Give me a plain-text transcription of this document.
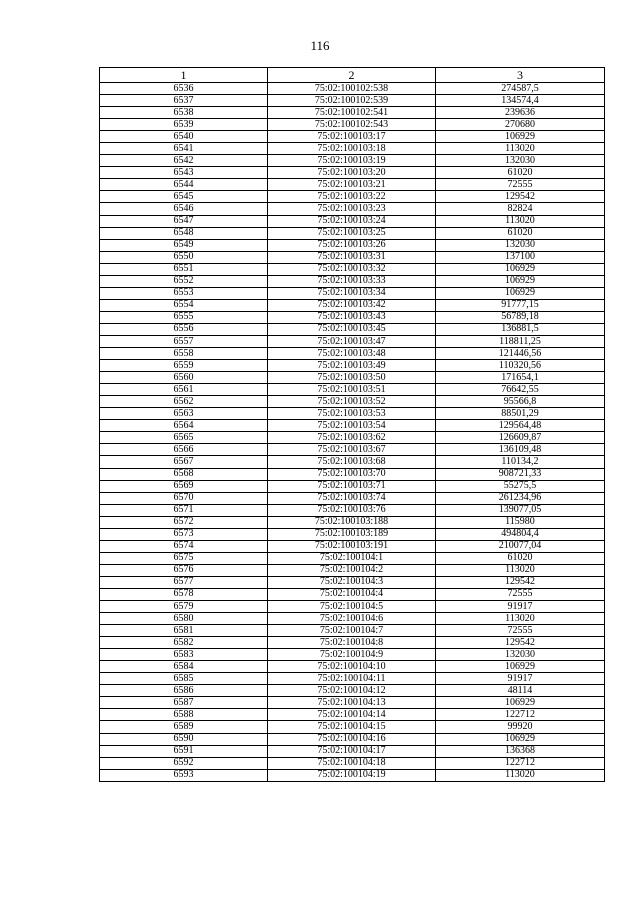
116
1	2	3
6536	75:02:100102:538	274587,5
6537	75:02:100102:539	134574,4
6538	75:02:100102:541	239636
6539	75:02:100102:543	270680
6540	75:02:100103:17	106929
6541	75:02:100103:18	113020
6542	75:02:100103:19	132030
6543	75:02:100103:20	61020
6544	75:02:100103:21	72555
6545	75:02:100103:22	129542
6546	75:02:100103:23	82824
6547	75:02:100103:24	113020
6548	75:02:100103:25	61020
6549	75:02:100103:26	132030
6550	75:02:100103:31	137100
6551	75:02:100103:32	106929
6552	75:02:100103:33	106929
6553	75:02:100103:34	106929
6554	75:02:100103:42	91777,15
6555	75:02:100103:43	56789,18
6556	75:02:100103:45	136881,5
6557	75:02:100103:47	118811,25
6558	75:02:100103:48	121446,56
6559	75:02:100103:49	110320,56
6560	75:02:100103:50	171654,1
6561	75:02:100103:51	76642,55
6562	75:02:100103:52	95566,8
6563	75:02:100103:53	88501,29
6564	75:02:100103:54	129564,48
6565	75:02:100103:62	126609,87
6566	75:02:100103:67	136109,48
6567	75:02:100103:68	110134,2
6568	75:02:100103:70	908721,33
6569	75:02:100103:71	55275,5
6570	75:02:100103:74	261234,96
6571	75:02:100103:76	139077,05
6572	75:02:100103:188	115980
6573	75:02:100103:189	494804,4
6574	75:02:100103:191	210077,04
6575	75:02:100104:1	61020
6576	75:02:100104:2	113020
6577	75:02:100104:3	129542
6578	75:02:100104:4	72555
6579	75:02:100104:5	91917
6580	75:02:100104:6	113020
6581	75:02:100104:7	72555
6582	75:02:100104:8	129542
6583	75:02:100104:9	132030
6584	75:02:100104:10	106929
6585	75:02:100104:11	91917
6586	75:02:100104:12	48114
6587	75:02:100104:13	106929
6588	75:02:100104:14	122712
6589	75:02:100104:15	99920
6590	75:02:100104:16	106929
6591	75:02:100104:17	136368
6592	75:02:100104:18	122712
6593	75:02:100104:19	113020
